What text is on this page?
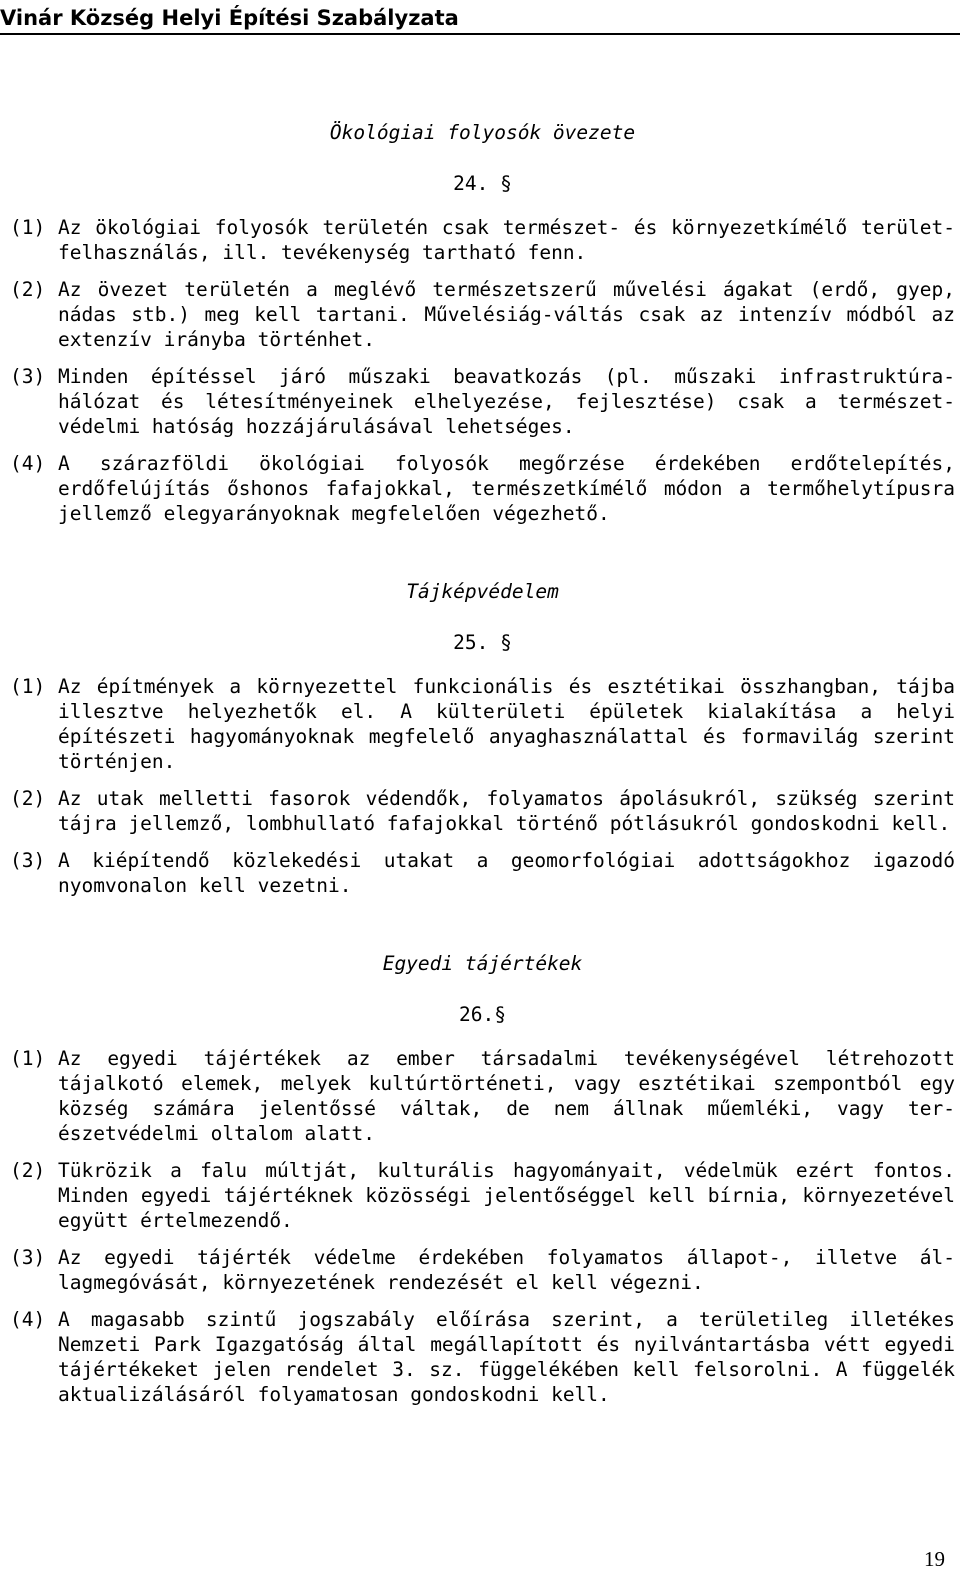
Vinár Község Helyi Építési Szabályzata
Ökológiai folyosók övezete
24. §
(1) Az ökológiai folyosók területén csak természet- és környezetkímélő terület-felhasználás, ill. tevékenység tartható fenn.
(2) Az övezet területén a meglévő természetszerű művelési ágakat (erdő, gyep, nádas stb.) meg kell tartani. Művelésiág-váltás csak az intenzív módból az extenzív irányba történhet.
(3) Minden építéssel járó műszaki beavatkozás (pl. műszaki infrastruktúra-hálózat és létesítményeinek elhelyezése, fejlesztése) csak a természetvédelmi hatóság hozzájárulásával lehetséges.
(4) A szárazföldi ökológiai folyosók megőrzése érdekében erdőtelepítés, erdőfelújítás őshonos fafajokkal, természetkímélő módon a termőhelytípusra jellemző elegyarányoknak megfelelően végezhető.
Tájképvédelem
25. §
(1) Az építmények a környezettel funkcionális és esztétikai összhangban, tájba illesztve helyezhetők el. A külterületi épületek kialakítása a helyi építészeti hagyományoknak megfelelő anyaghasználattal és formavilág szerint történjen.
(2) Az utak melletti fasorok védendők, folyamatos ápolásukról, szükség szerint tájra jellemző, lombhullató fafajokkal történő pótlásukról gondoskodni kell.
(3) A kiépítendő közlekedési utakat a geomorfológiai adottságokhoz igazodó nyomvonalon kell vezetni.
Egyedi tájértékek
26.§
(1) Az egyedi tájértékek az ember társadalmi tevékenységével létrehozott tájalkotó elemek, melyek kultúrtörténeti, vagy esztétikai szempontból egy község számára jelentőssé váltak, de nem állnak műemléki, vagy terészetvédelmi oltalom alatt.
(2) Tükrözik a falu múltját, kulturális hagyományait, védelmük ezért fontos. Minden egyedi tájértéknek közösségi jelentőséggel kell bírnia, környezetével együtt értelmezendő.
(3) Az egyedi tájérték védelme érdekében folyamatos állapot-, illetve állagmegóvását, környezetének rendezését el kell végezni.
(4) A magasabb szintű jogszabály előírása szerint, a területileg illetékes Nemzeti Park Igazgatóság által megállapított és nyilvántartásba vétt egyedi tájértékeket jelen rendelet 3. sz. függelékében kell felsorolni. A függelék aktualizálásáról folyamatosan gondoskodni kell.
19
